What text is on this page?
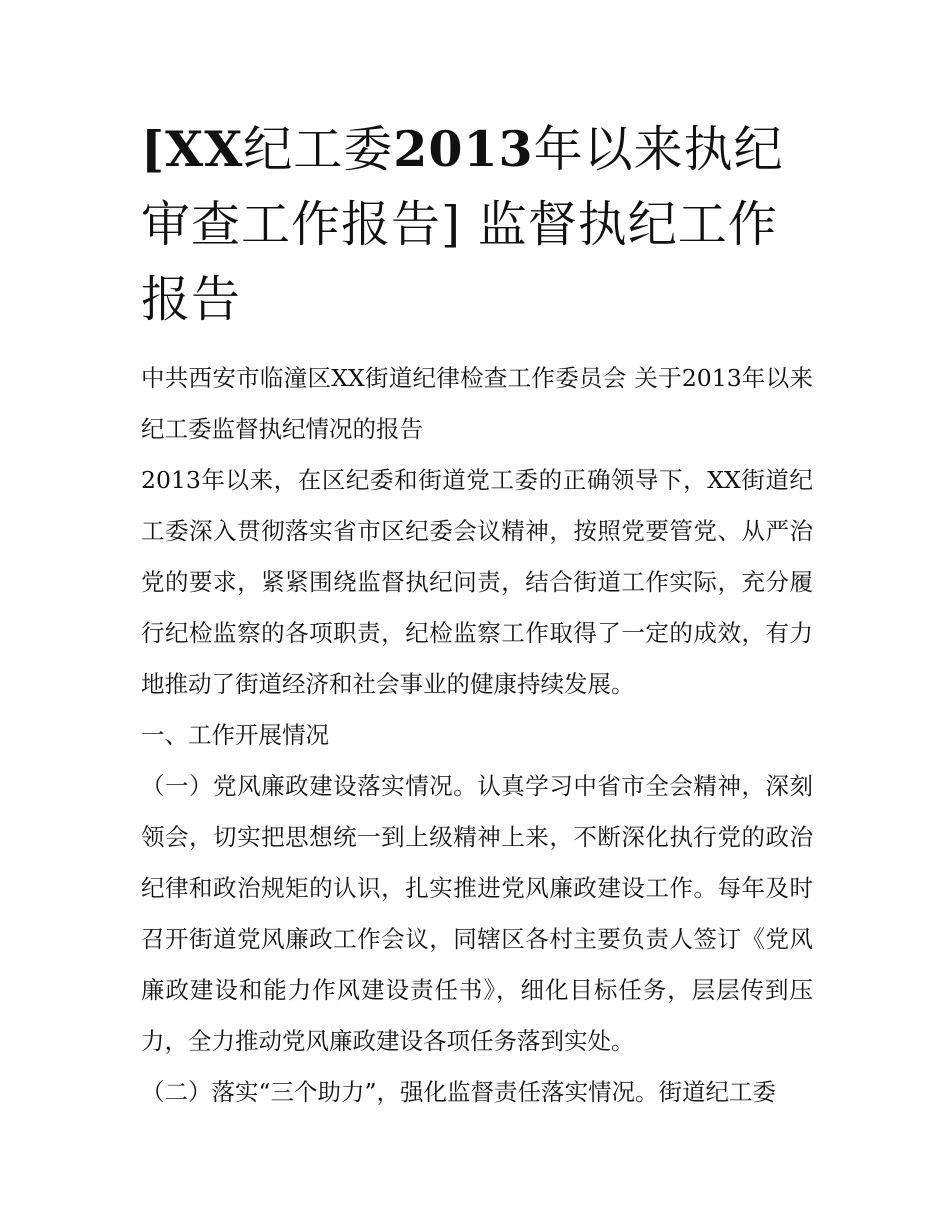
[XX纪工委2013年以来执纪审查工作报告] 监督执纪工作报告

中共西安市临潼区XX街道纪律检查工作委员会 关于2013年以来纪工委监督执纪情况的报告

2013年以来，在区纪委和街道党工委的正确领导下，XX街道纪工委深入贯彻落实省市区纪委会议精神，按照党要管党、从严治党的要求，紧紧围绕监督执纪问责，结合街道工作实际，充分履行纪检监察的各项职责，纪检监察工作取得了一定的成效，有力地推动了街道经济和社会事业的健康持续发展。

一、工作开展情况

（一）党风廉政建设落实情况。认真学习中省市全会精神，深刻领会，切实把思想统一到上级精神上来，不断深化执行党的政治纪律和政治规矩的认识，扎实推进党风廉政建设工作。每年及时召开街道党风廉政工作会议，同辖区各村主要负责人签订《党风廉政建设和能力作风建设责任书》，细化目标任务，层层传到压力，全力推动党风廉政建设各项任务落到实处。

（二）落实“三个助力”，强化监督责任落实情况。街道纪工委
